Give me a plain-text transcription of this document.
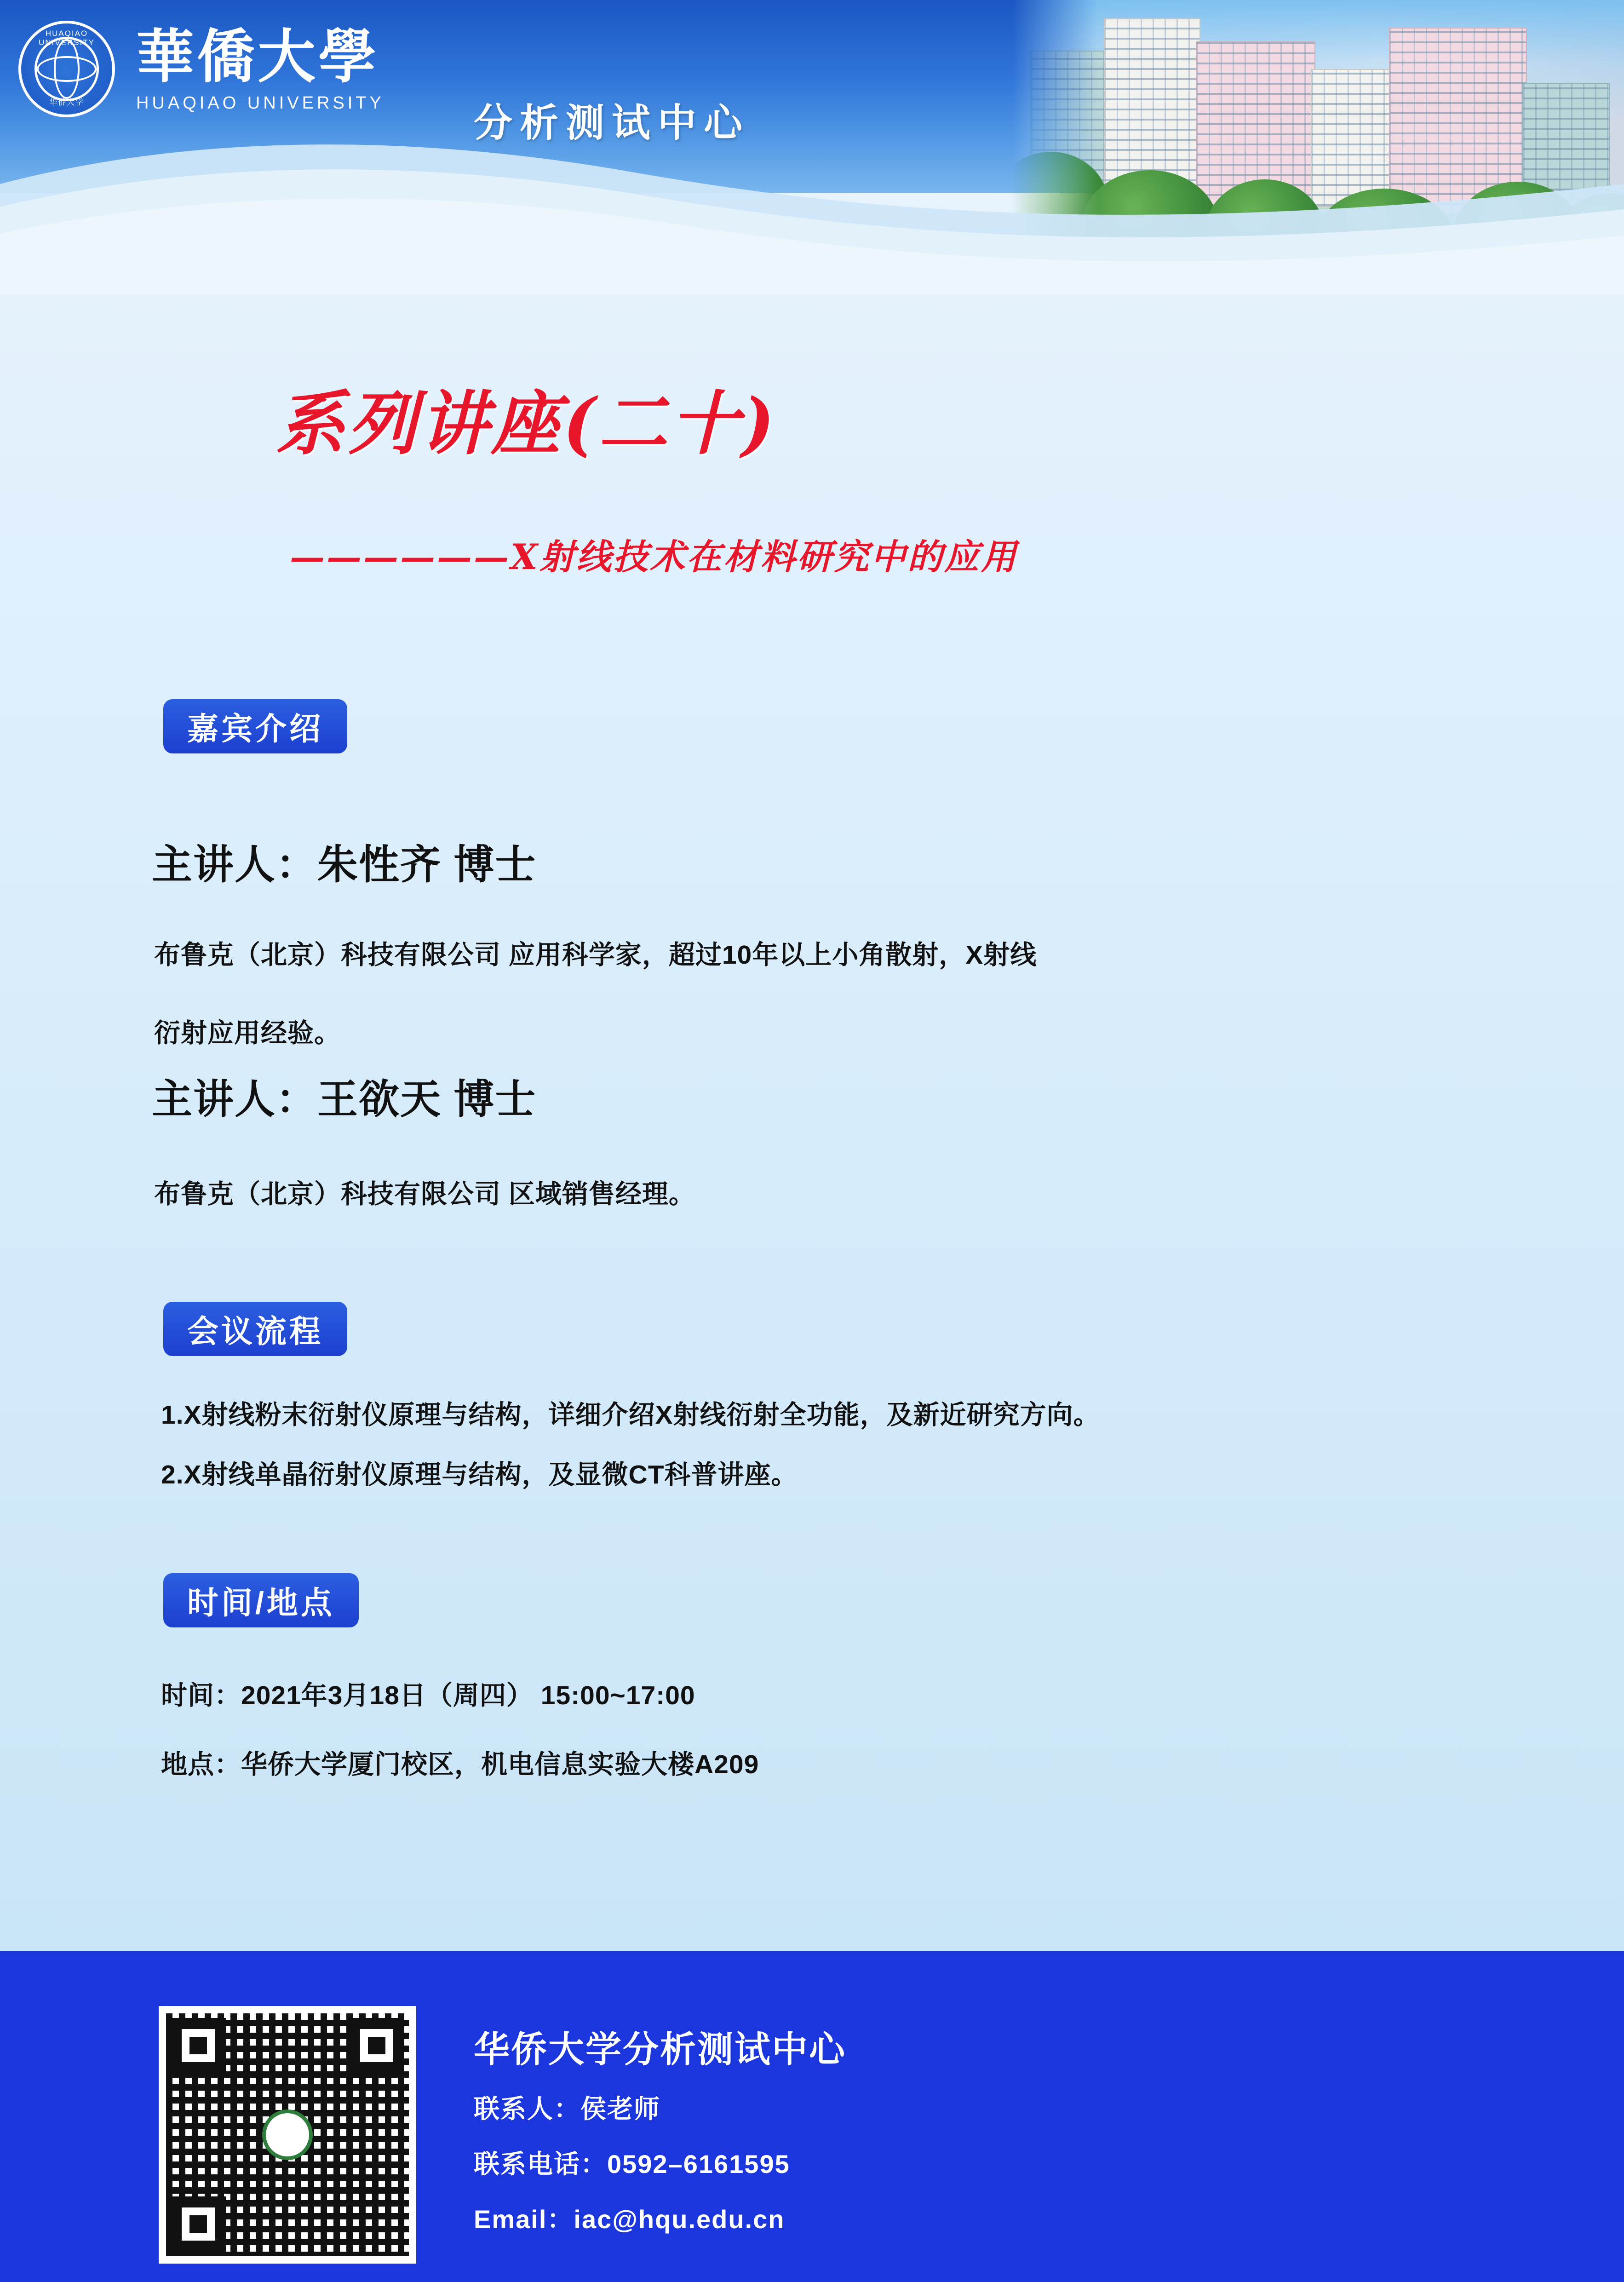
HUAQIAO UNIVERSITY
华侨大学
華僑大學
HUAQIAO UNIVERSITY 分析测试中心
系列讲座(二十)
——————X射线技术在材料研究中的应用
嘉宾介绍
主讲人：朱性齐 博士
布鲁克（北京）科技有限公司 应用科学家，超过10年以上小角散射，X射线
衍射应用经验。
主讲人：王欲天 博士
布鲁克（北京）科技有限公司 区域销售经理。
会议流程
1.X射线粉末衍射仪原理与结构，详细介绍X射线衍射全功能，及新近研究方向。
2.X射线单晶衍射仪原理与结构，及显微CT科普讲座。
时间/地点
时间：2021年3月18日（周四） 15:00~17:00
地点：华侨大学厦门校区，机电信息实验大楼A209
华侨大学分析测试中心
联系人：侯老师
联系电话：0592–6161595
Email：iac@hqu.edu.cn
